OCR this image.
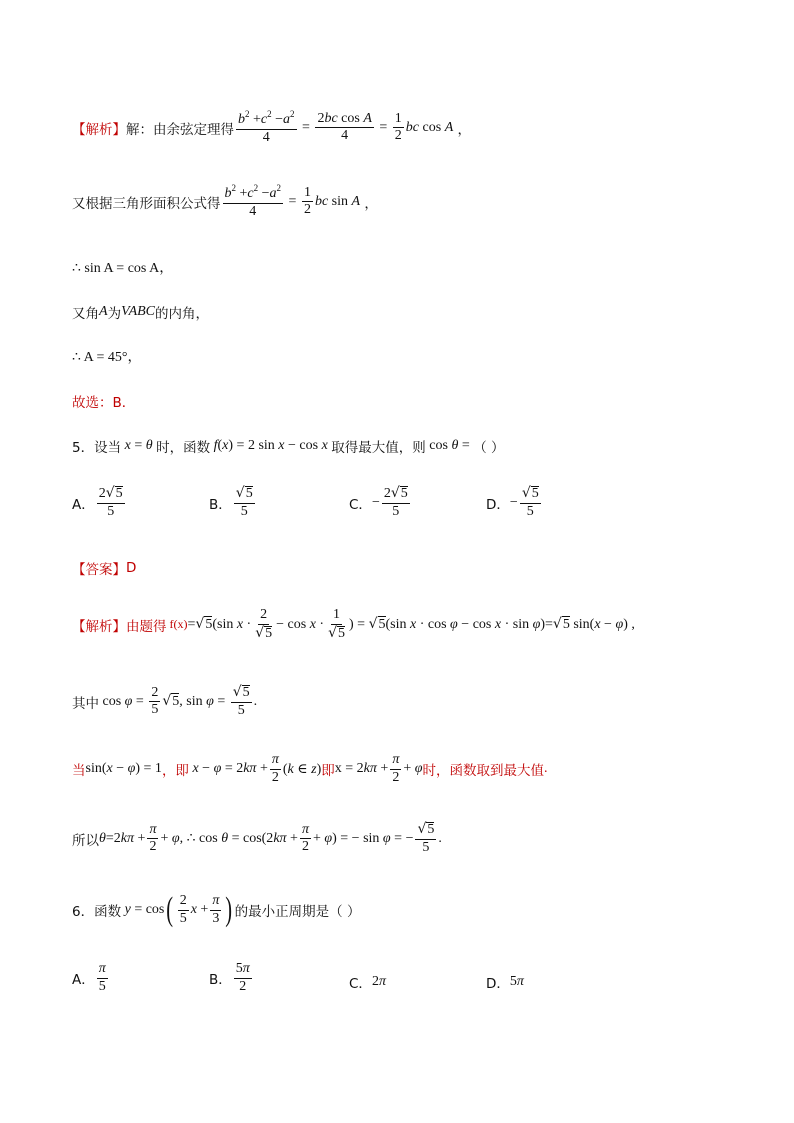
【解析】 解：由余弦定理得 $\frac{b^2 +c^2 -a^2}{4} = \frac{\text{2bc cos A}}{4} = \frac{1}{2}$ bc cos A ，
又根据三角形面积公式得 $\frac{b^2 +c^2 -a^2}{4} = \frac{1}{2}$ bc sin A ，
∴ sin A = cos A，
又角 A 为 VABC 的内角，
∴ A = 45°，
故选：B．
5． 设当 x = θ 时，函数 f(x) = 2 sin x − cos x 取得最大值，则 cos θ = （ ）
A． $\frac{2 √ 5}{5}$	B． $\frac{√ 5}{5}$	C． − $\frac{2 √ 5}{5}$	D． − $\frac{√ 5}{5}$
【答案】 D
【解析】 由题得 f(x) = √ 5 (sin $x \cdot \frac{2}{√ 5} - \cos x \cdot \frac{1}{√ 5}$ ) = √ 5 (sin x · cos φ − cos x · sin φ)= √ 5 sin(x − φ) ,
其中 $\cos \varphi = \frac{2}{5}$ √ 5 , $\sin \varphi = \frac{√ 5}{5}$ .
当 sin(x − φ) = 1 ，即 $x - \varphi = 2k\pi + \frac{\pi}{2} (k$ ∈ z) 即 $x = 2k\pi + \frac{\pi}{2} + \varphi$ 时，函数取到最大值 .
所以 $\theta=2k\pi + \frac{\pi}{2} + \varphi$, ∴ $\cos \theta = \cos(2k\pi + \frac{\pi}{2} + \varphi)$ = − sin φ = − $\frac{√ 5}{5}$ .
6． 函数 y = cos ( $\frac{2}{5}$ $x + \frac{\pi}{3}$ ) 的最小正周期是（ ）
A． $\frac{\pi}{5}$	B． $\frac{5\pi}{2}$	C． 2π	D． 5π
